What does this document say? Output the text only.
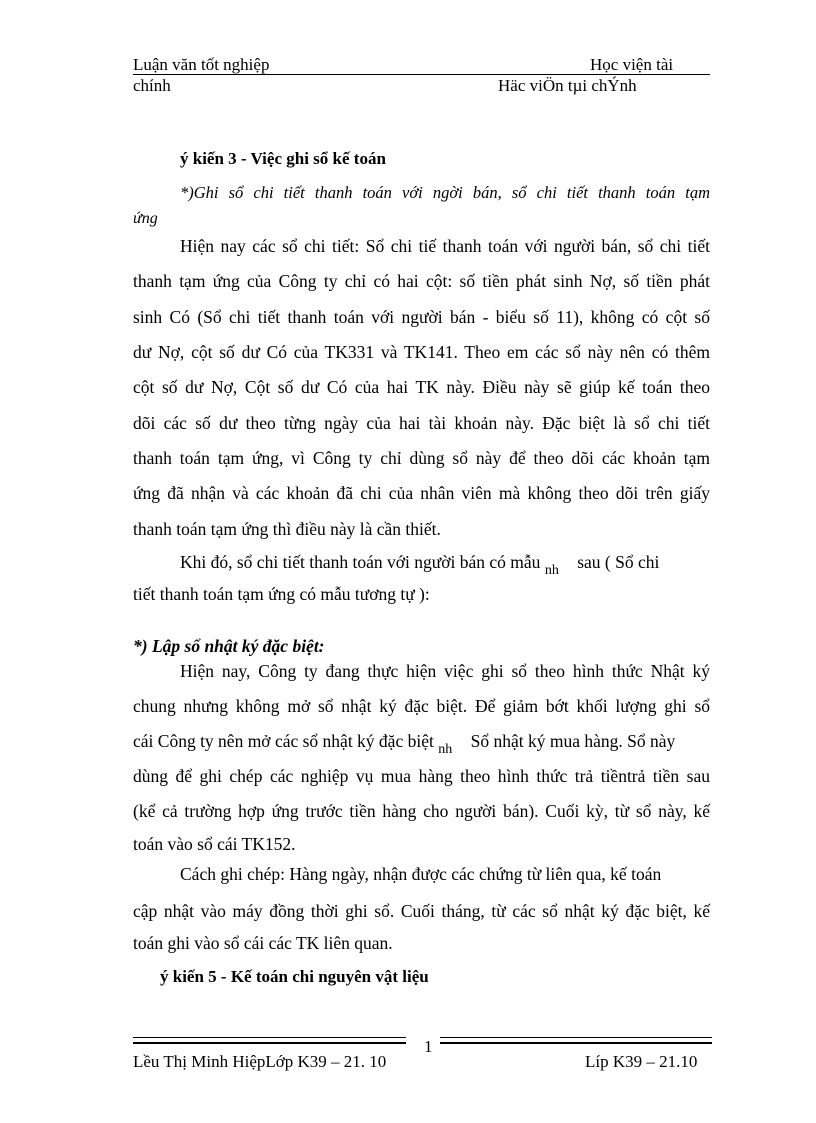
Luận văn tốt nghiệp	Học viện tài
chính	Häc viÖn tµi chÝnh
ý kiến 3 - Việc ghi sổ kế toán
*)Ghi sổ chi tiết thanh toán với ngời bán, sổ chi tiết thanh toán tạm
ứng
Hiện nay các sổ chi tiết: Sổ chi tiế thanh toán với người bán, sổ chi tiết
thanh tạm ứng của Công ty chỉ có hai cột: số tiền phát sinh Nợ, số tiền phát
sinh Có (Sổ chi tiết thanh toán với người bán - biểu số 11), không có cột số
dư Nợ, cột số dư Có của TK331 và TK141. Theo em các sổ này nên có thêm
cột số dư Nợ, Cột số dư Có của hai TK này. Điều này sẽ giúp kế toán theo
dõi các số dư theo từng ngày của hai tài khoản này. Đặc biệt là sổ chi tiết
thanh toán tạm ứng, vì Công ty chỉ dùng sổ này để theo dõi các khoản tạm
ứng đã nhận và các khoản đã chi của nhân viên mà không theo dõi trên giấy
thanh toán tạm ứng thì điều này là cần thiết.
Khi đó, sổ chi tiết thanh toán với người bán có mẫu $_{nh}$ sau ( Sổ chi
tiết thanh toán tạm ứng có mẫu tương tự ):
*) Lập sổ nhật ký đặc biệt:
Hiện nay, Công ty đang thực hiện việc ghi sổ theo hình thức Nhật ký
chung nhưng không mở sổ nhật ký đặc biệt. Để giảm bớt khối lượng ghi sổ
cái Công ty nên mở các sổ nhật ký đặc biệt $_{nh}$ Sổ nhật ký mua hàng. Sổ này
dùng để ghi chép các nghiệp vụ mua hàng theo hình thức trả tiềntrả tiền sau
(kể cả trường hợp ứng trước tiền hàng cho người bán). Cuối kỳ, từ sổ này, kế
toán vào sổ cái TK152.
Cách ghi chép: Hàng ngày, nhận được các chứng từ liên qua, kế toán
cập nhật vào máy đồng thời ghi sổ. Cuối tháng, từ các sổ nhật ký đặc biệt, kế
toán ghi vào sổ cái các TK liên quan.
ý kiến 5 - Kế toán chi nguyên vật liệu
1
Lều Thị Minh HiệpLớp K39 – 21. 10	Líp K39 – 21.10
